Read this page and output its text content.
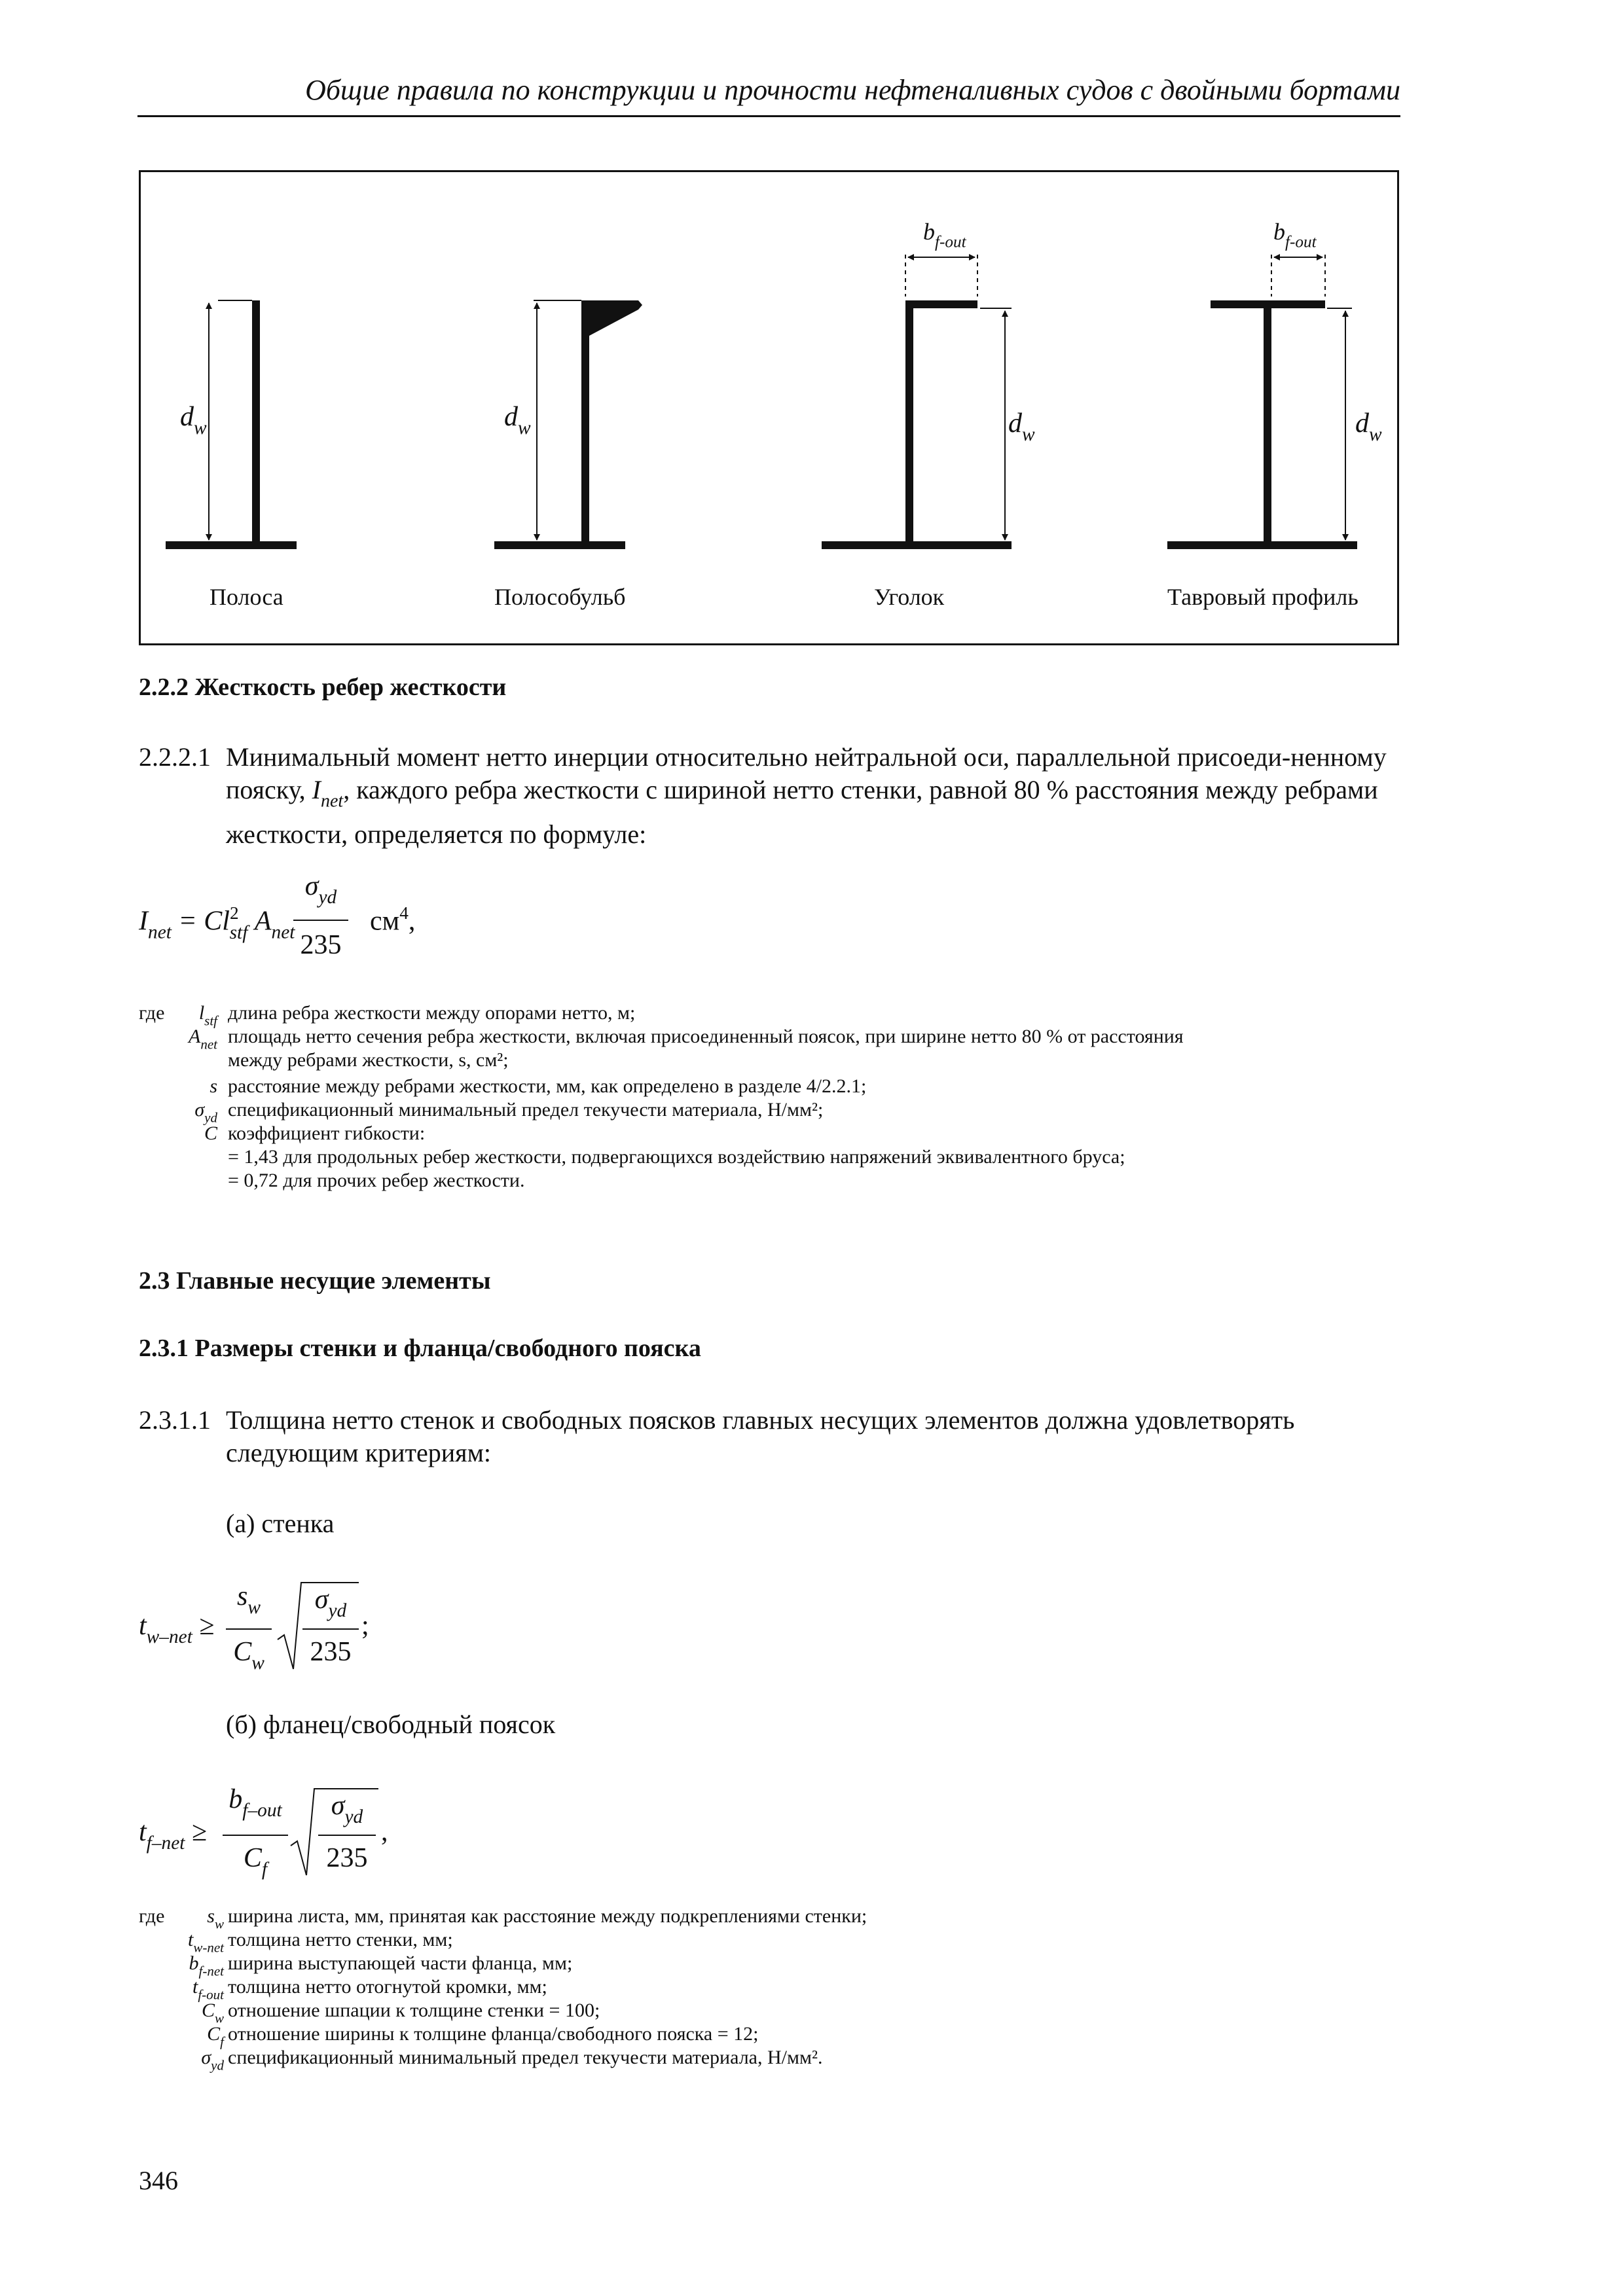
Общие правила по конструкции и прочности нефтеналивных судов с двойными бортами
$d_w$	$d_w$	$d_w$	$d_w$
$b_{f-out}$	$b_{f-out}$
Полоса	Полособульб	Уголок	Тавровый профиль
2.2.2 Жесткость ребер жесткости
2.2.2.1 Минимальный момент нетто инерции относительно нейтральной оси, параллельной присоеди-ненному пояску, $I_{net}$, каждого ребра жесткости с шириной нетто стенки, равной 80 % расстояния между ребрами жесткости, определяется по формуле:
$I_{net} = Cl^2_{stf}$ $A_{net}$
$\sigma_{yd}$
235
$см^4$,
где	$l_{stf}$ длина ребра жесткости между опорами нетто, м;
$A_{net}$ площадь нетто сечения ребра жесткости, включая присоединенный поясок, при ширине нетто 80 % от расстояния
между ребрами жесткости, s, см²;
s расстояние между ребрами жесткости, мм, как определено в разделе 4/2.2.1;
$\sigma_{yd}$ спецификационный минимальный предел текучести материала, Н/мм²;
C коэффициент гибкости:
= 1,43 для продольных ребер жесткости, подвергающихся воздействию напряжений эквивалентного бруса;
= 0,72 для прочих ребер жесткости.
2.3 Главные несущие элементы
2.3.1 Размеры стенки и фланца/свободного пояска
2.3.1.1 Толщина нетто стенок и свободных поясков главных несущих элементов должна удовлетворять следующим критериям:
(а) стенка
$t_{w-net}$ ≥
$s_w$
$C_w$
$\sigma_{yd}$
235
;
(б) фланец/свободный поясок
$t_{f-net}$ ≥
$b_{f-out}$
$C_f$
$\sigma_{yd}$
235
,
где	$s_w$ ширина листа, мм, принятая как расстояние между подкреплениями стенки;
$t_{w-net}$ толщина нетто стенки, мм;
$b_{f-net}$ ширина выступающей части фланца, мм;
$t_{f-out}$ толщина нетто отогнутой кромки, мм;
$C_w$ отношение шпации к толщине стенки = 100;
$C_f$ отношение ширины к толщине фланца/свободного пояска = 12;
$\sigma_{yd}$ спецификационный минимальный предел текучести материала, Н/мм².
346
